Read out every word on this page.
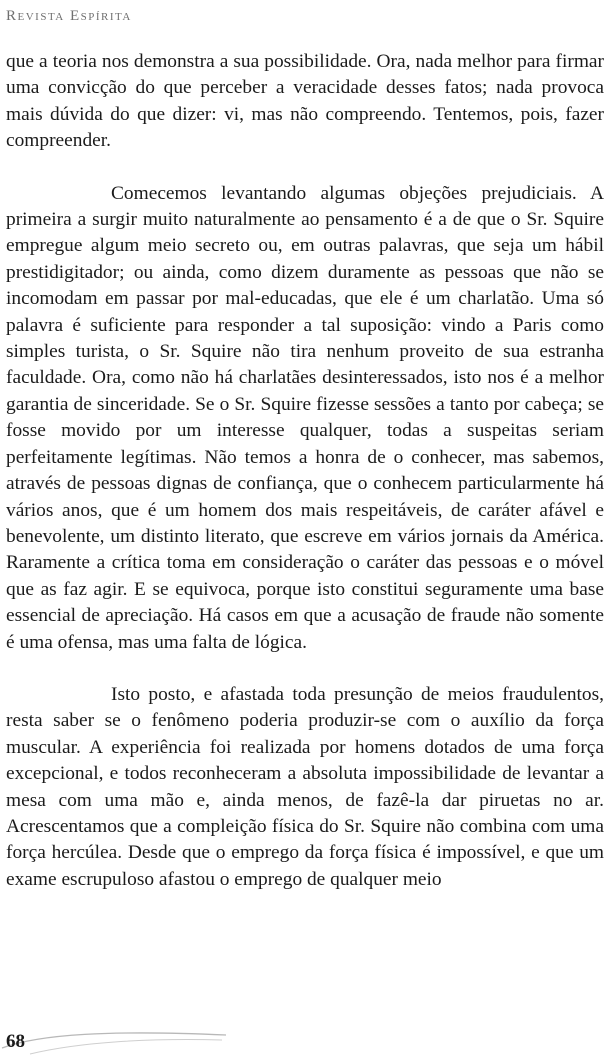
Revista Espírita

que a teoria nos demonstra a sua possibilidade. Ora, nada melhor para firmar uma convicção do que perceber a veracidade desses fatos; nada provoca mais dúvida do que dizer: vi, mas não compreendo. Tentemos, pois, fazer compreender.

Comecemos levantando algumas objeções prejudiciais. A primeira a surgir muito naturalmente ao pensamento é a de que o Sr. Squire empregue algum meio secreto ou, em outras palavras, que seja um hábil prestidigitador; ou ainda, como dizem duramente as pessoas que não se incomodam em passar por mal-educadas, que ele é um charlatão. Uma só palavra é suficiente para responder a tal suposição: vindo a Paris como simples turista, o Sr. Squire não tira nenhum proveito de sua estranha faculdade. Ora, como não há charlatães desinteressados, isto nos é a melhor garantia de sinceridade. Se o Sr. Squire fizesse sessões a tanto por cabeça; se fosse movido por um interesse qualquer, todas a suspeitas seriam perfeitamente legítimas. Não temos a honra de o conhecer, mas sabemos, através de pessoas dignas de confiança, que o conhecem particularmente há vários anos, que é um homem dos mais respeitáveis, de caráter afável e benevolente, um distinto literato, que escreve em vários jornais da América. Raramente a crítica toma em consideração o caráter das pessoas e o móvel que as faz agir. E se equivoca, porque isto constitui seguramente uma base essencial de apreciação. Há casos em que a acusação de fraude não somente é uma ofensa, mas uma falta de lógica.

Isto posto, e afastada toda presunção de meios fraudulentos, resta saber se o fenômeno poderia produzir-se com o auxílio da força muscular. A experiência foi realizada por homens dotados de uma força excepcional, e todos reconheceram a absoluta impossibilidade de levantar a mesa com uma mão e, ainda menos, de fazê-la dar piruetas no ar. Acrescentamos que a compleição física do Sr. Squire não combina com uma força hercúlea. Desde que o emprego da força física é impossível, e que um exame escrupuloso afastou o emprego de qualquer meio

68
